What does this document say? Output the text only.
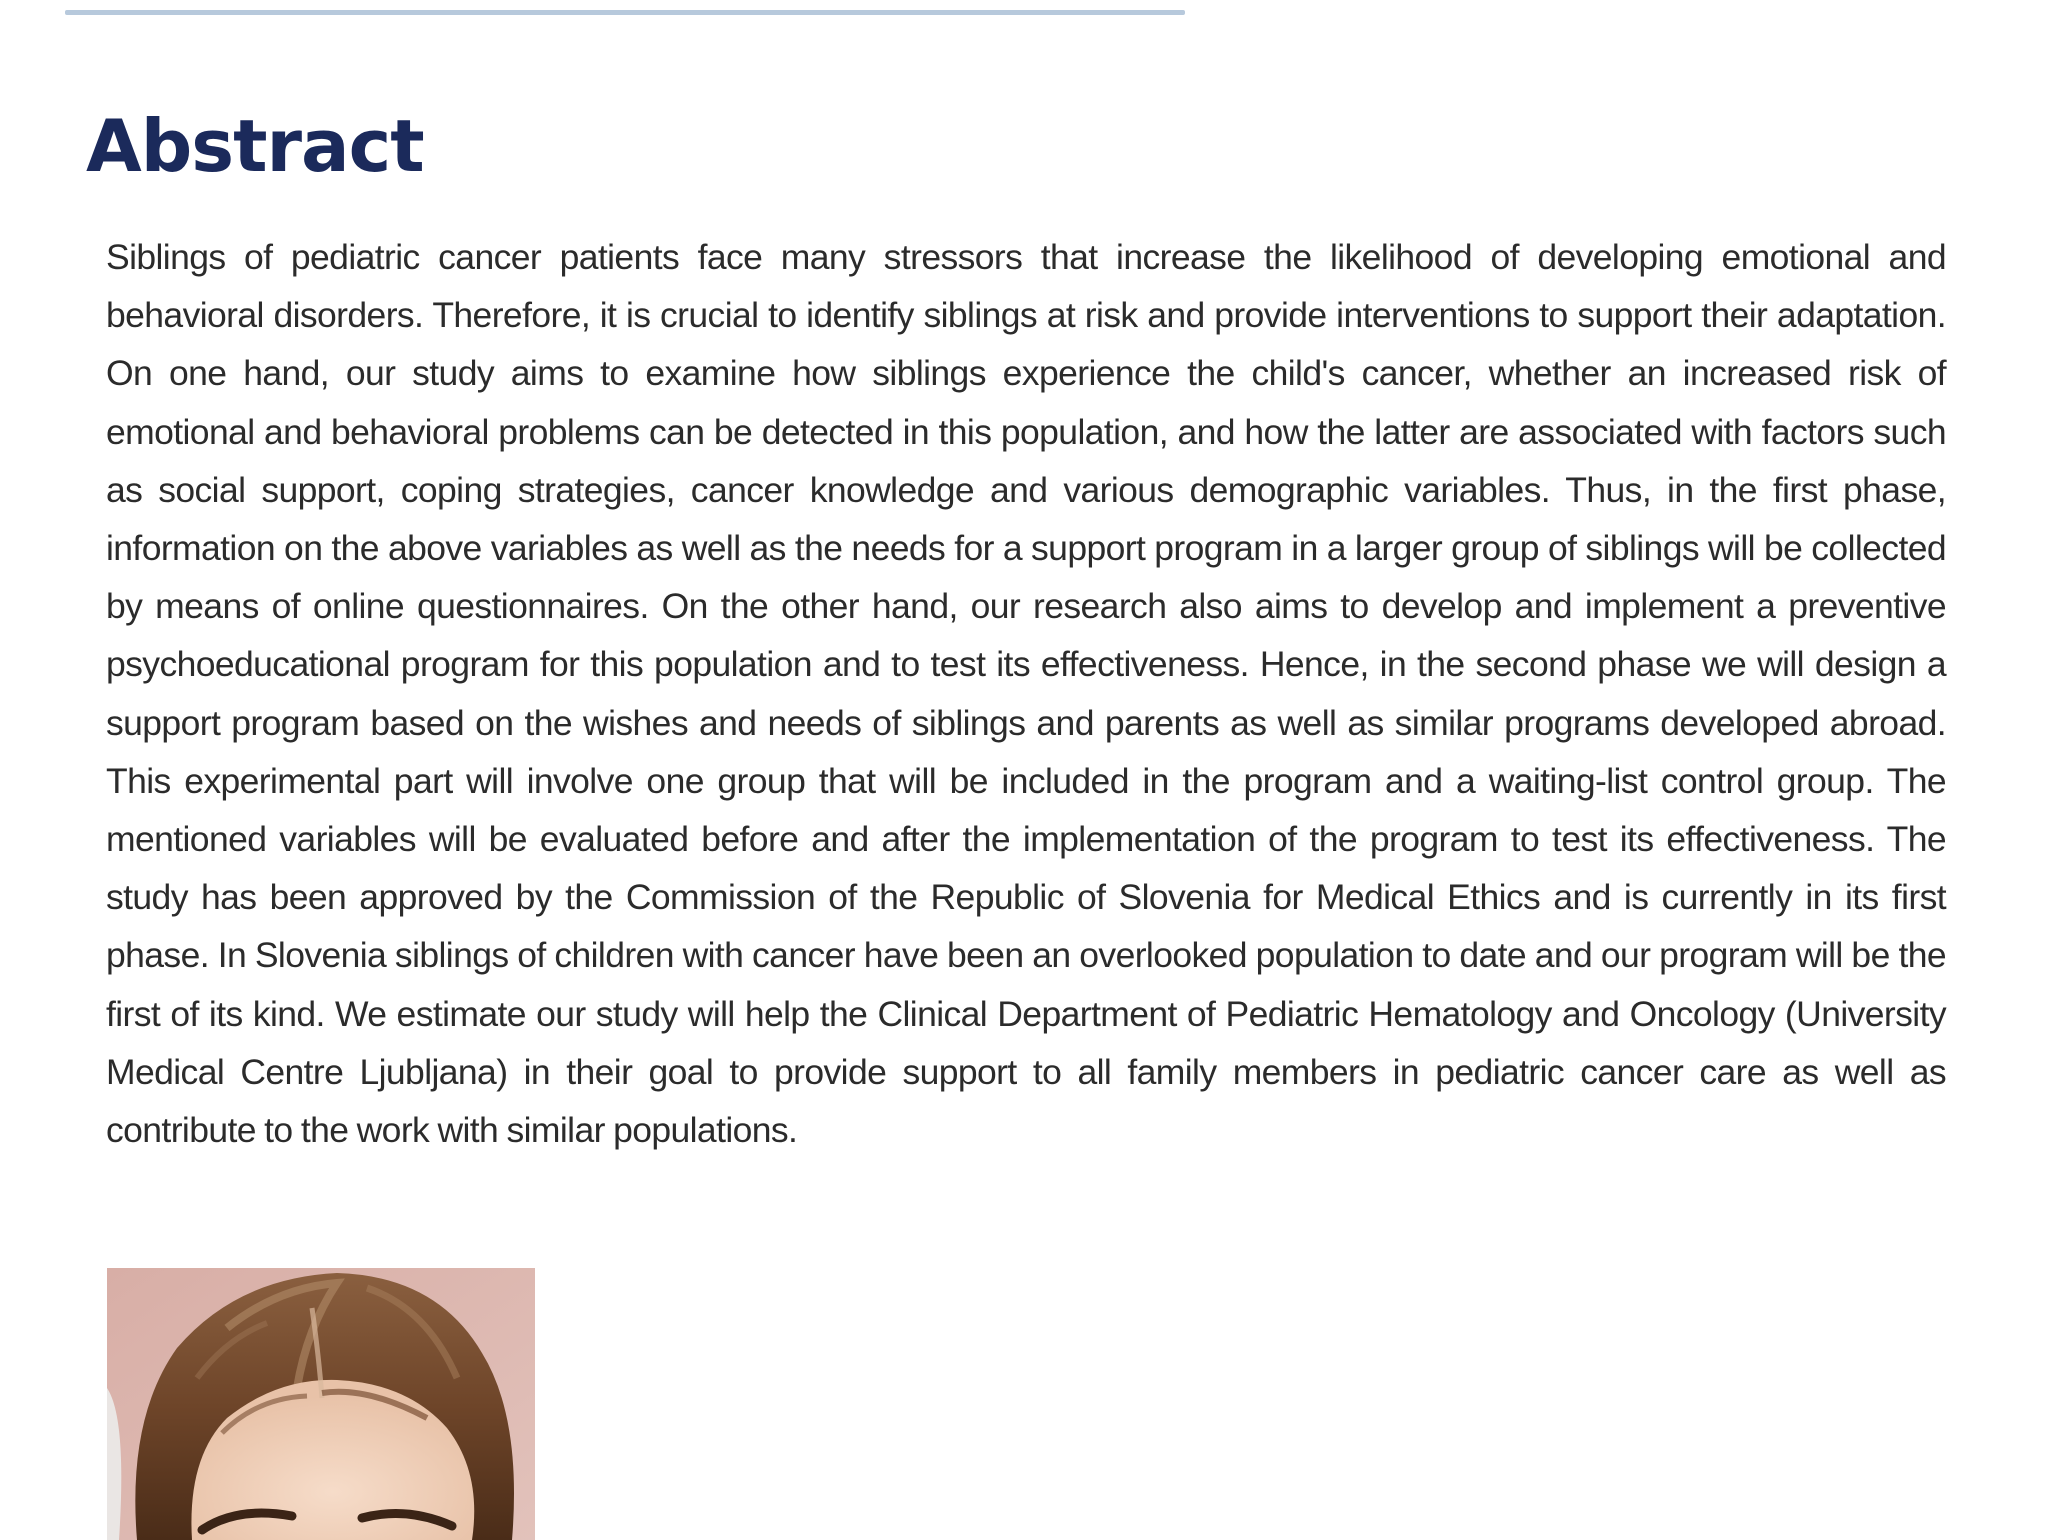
Abstract

Siblings of pediatric cancer patients face many stressors that increase the likelihood of developing emotional and behavioral disorders. Therefore, it is crucial to identify siblings at risk and provide interventions to support their adaptation. On one hand, our study aims to examine how siblings experience the child's cancer, whether an increased risk of emotional and behavioral problems can be detected in this population, and how the latter are associated with factors such as social support, coping strategies, cancer knowledge and various demographic variables. Thus, in the first phase, information on the above variables as well as the needs for a support program in a larger group of siblings will be collected by means of online questionnaires. On the other hand, our research also aims to develop and implement a preventive psychoeducational program for this population and to test its effectiveness. Hence, in the second phase we will design a support program based on the wishes and needs of siblings and parents as well as similar programs developed abroad. This experimental part will involve one group that will be included in the program and a waiting-list control group. The mentioned variables will be evaluated before and after the implementation of the program to test its effectiveness. The study has been approved by the Commission of the Republic of Slovenia for Medical Ethics and is currently in its first phase. In Slovenia siblings of children with cancer have been an overlooked population to date and our program will be the first of its kind. We estimate our study will help the Clinical Department of Pediatric Hematology and Oncology (University Medical Centre Ljubljana) in their goal to provide support to all family members in pediatric cancer care as well as contribute to the work with similar populations.
